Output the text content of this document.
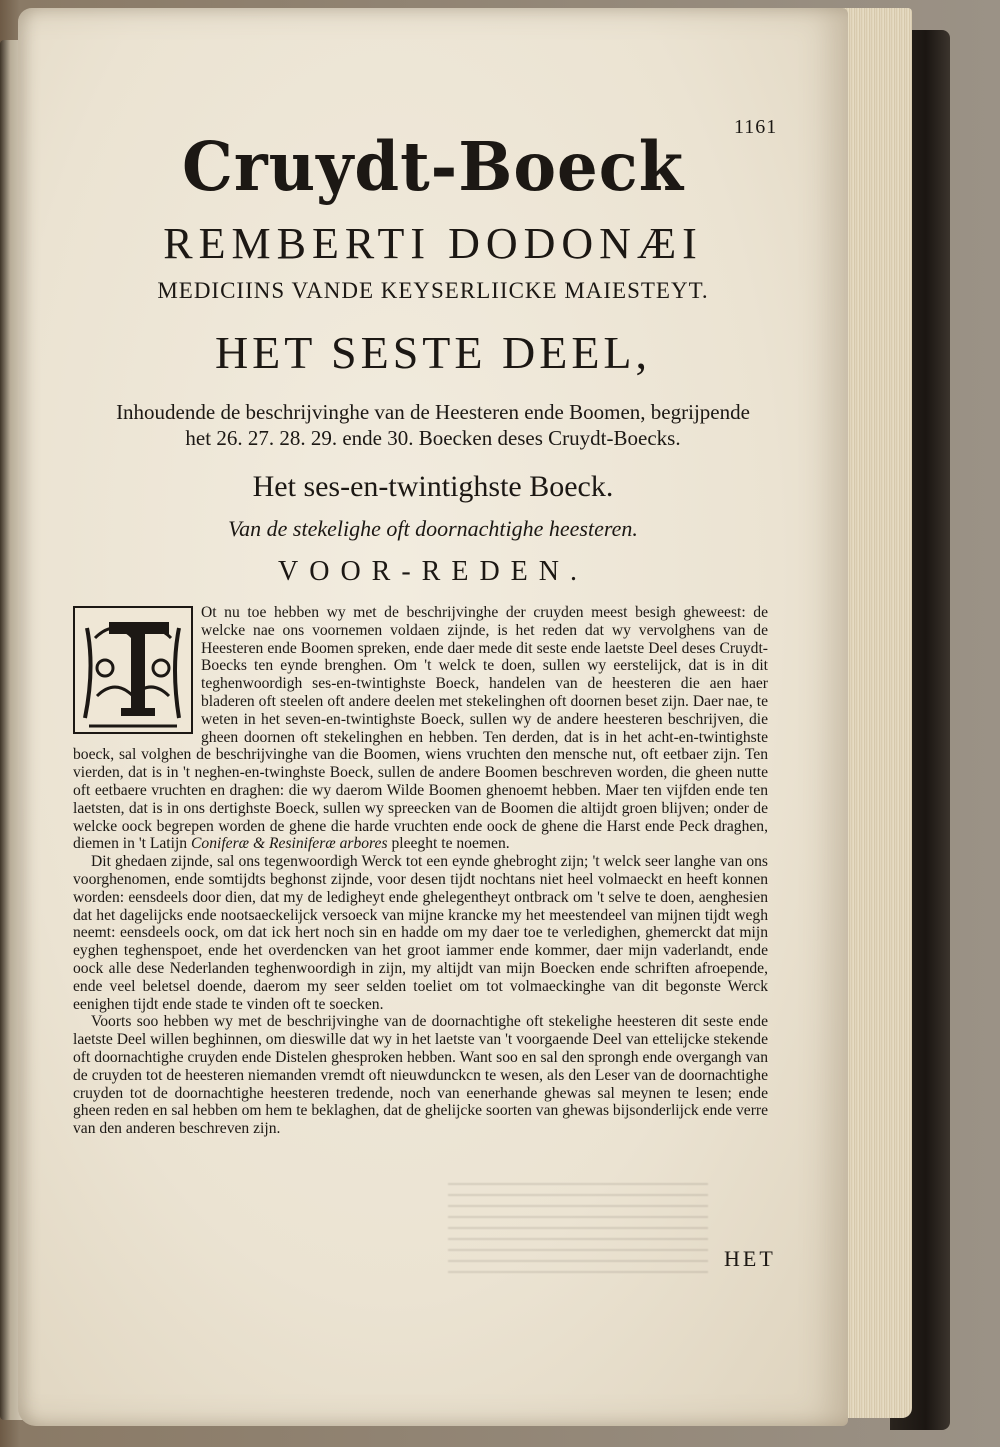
1161
Cruydt-Boeck
REMBERTI DODONÆI
MEDICIINS VANDE KEYSERLIICKE MAIESTEYT.
HET SESTE DEEL,
Inhoudende de beschrijvinghe van de Heesteren ende Boomen, begrijpende
het 26. 27. 28. 29. ende 30. Boecken deses Cruydt-Boecks.
Het ses-en-twintighste Boeck.
Van de stekelighe oft doornachtighe heesteren.
VOOR-REDEN.

Ot nu toe hebben wy met de beschrijvinghe der cruyden meest besigh gheweest: de welcke nae ons voornemen voldaen zijnde, is het reden dat wy vervolghens van de Heesteren ende Boomen spreken, ende daer mede dit seste ende laetste Deel deses Cruydt-Boecks ten eynde brenghen. Om 't welck te doen, sullen wy eerstelijck, dat is in dit teghenwoordigh ses-en-twintighste Boeck, handelen van de heesteren die aen haer bladeren oft steelen oft andere deelen met stekelinghen oft doornen beset zijn. Daer nae, te weten in het seven-en-twintighste Boeck, sullen wy de andere heesteren beschrijven, die gheen doornen oft stekelinghen en hebben. Ten derden, dat is in het acht-en-twintighste boeck, sal volghen de beschrijvinghe van die Boomen, wiens vruchten den mensche nut, oft eetbaer zijn. Ten vierden, dat is in 't neghen-en-twinghste Boeck, sullen de andere Boomen beschreven worden, die gheen nutte oft eetbaere vruchten en draghen: die wy daerom Wilde Boomen ghenoemt hebben. Maer ten vijfden ende ten laetsten, dat is in ons dertighste Boeck, sullen wy spreecken van de Boomen die altijdt groen blijven; onder de welcke oock begrepen worden de ghene die harde vruchten ende oock de ghene die Harst ende Peck draghen, diemen in 't Latijn Coniferæ & Resiniferæ arbores pleeght te noemen.

Dit ghedaen zijnde, sal ons tegenwoordigh Werck tot een eynde ghebroght zijn; 't welck seer langhe van ons voorghenomen, ende somtijdts beghonst zijnde, voor desen tijdt nochtans niet heel volmaeckt en heeft konnen worden: eensdeels door dien, dat my de ledigheyt ende ghelegentheyt ontbrack om 't selve te doen, aenghesien dat het dagelijcks ende nootsaeckelijck versoeck van mijne krancke my het meestendeel van mijnen tijdt wegh neemt: eensdeels oock, om dat ick hert noch sin en hadde om my daer toe te verledighen, ghemerckt dat mijn eyghen teghenspoet, ende het overdencken van het groot iammer ende kommer, daer mijn vaderlandt, ende oock alle dese Nederlanden teghenwoordigh in zijn, my altijdt van mijn Boecken ende schriften afroepende, ende veel beletsel doende, daerom my seer selden toeliet om tot volmaeckinghe van dit begonste Werck eenighen tijdt ende stade te vinden oft te soecken.

Voorts soo hebben wy met de beschrijvinghe van de doornachtighe oft stekelighe heesteren dit seste ende laetste Deel willen beghinnen, om dieswille dat wy in het laetste van 't voorgaende Deel van ettelijcke stekende oft doornachtighe cruyden ende Distelen ghesproken hebben. Want soo en sal den sprongh ende overgangh van de cruyden tot de heesteren niemanden vremdt oft nieuwdunckcn te wesen, als den Leser van de doornachtighe cruyden tot de doornachtighe heesteren tredende, noch van eenerhande ghewas sal meynen te lesen; ende gheen reden en sal hebben om hem te beklaghen, dat de ghelijcke soorten van ghewas bijsonderlijck ende verre van den anderen beschreven zijn.

HET
